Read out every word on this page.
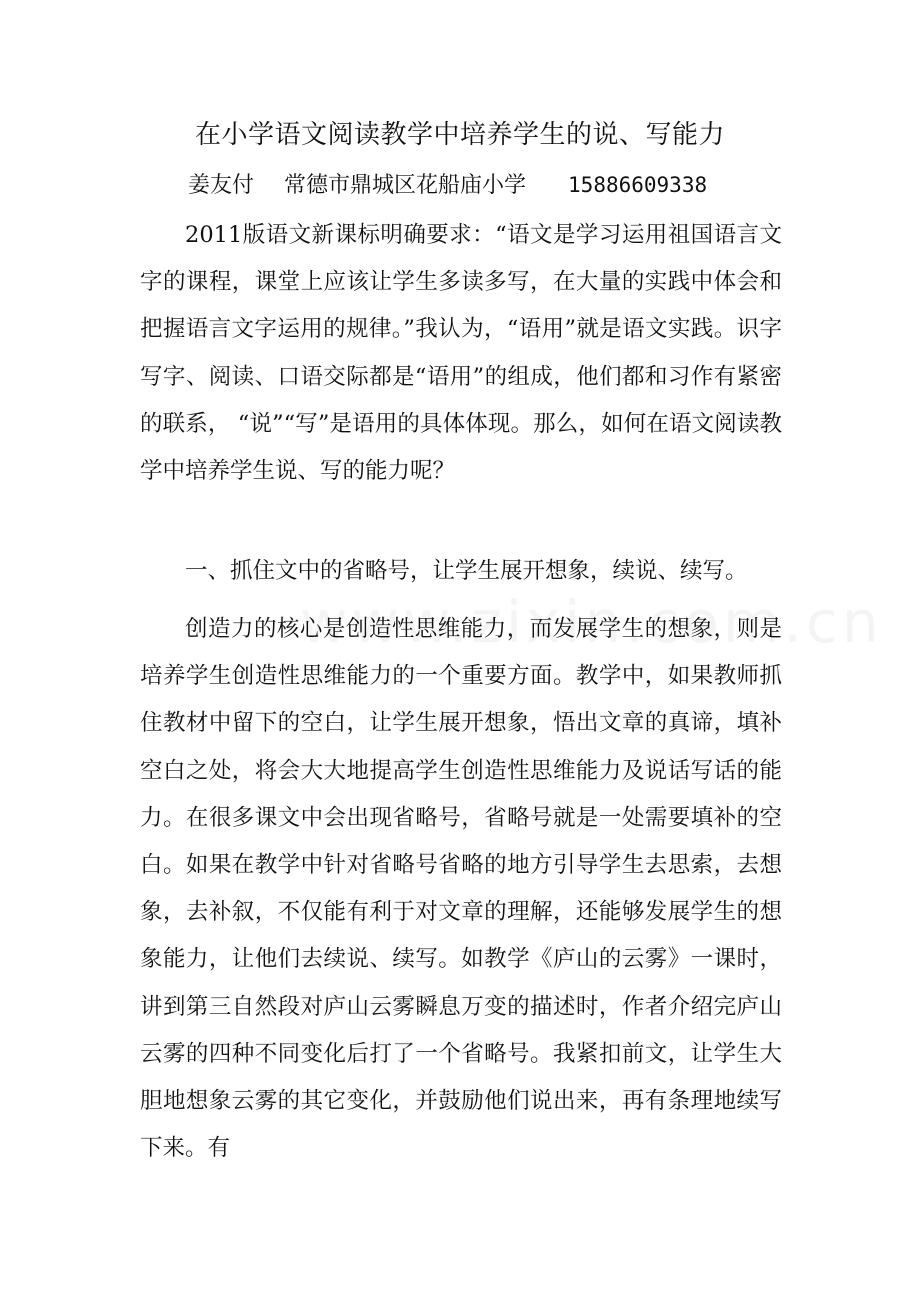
在小学语文阅读教学中培养学生的说、写能力
姜友付 常德市鼎城区花船庙小学 15886609338

2011版语文新课标明确要求：“语文是学习运用祖国语言文字的课程，课堂上应该让学生多读多写，在大量的实践中体会和把握语言文字运用的规律。”我认为，“语用”就是语文实践。识字写字、阅读、口语交际都是“语用”的组成，他们都和习作有紧密的联系， “说”“写”是语用的具体体现。那么，如何在语文阅读教学中培养学生说、写的能力呢？

一、抓住文中的省略号，让学生展开想象，续说、续写。

创造力的核心是创造性思维能力，而发展学生的想象，则是培养学生创造性思维能力的一个重要方面。教学中，如果教师抓住教材中留下的空白，让学生展开想象，悟出文章的真谛，填补空白之处，将会大大地提高学生创造性思维能力及说话写话的能力。在很多课文中会出现省略号，省略号就是一处需要填补的空白。如果在教学中针对省略号省略的地方引导学生去思索，去想象，去补叙，不仅能有利于对文章的理解，还能够发展学生的想象能力，让他们去续说、续写。如教学《庐山的云雾》一课时，讲到第三自然段对庐山云雾瞬息万变的描述时，作者介绍完庐山云雾的四种不同变化后打了一个省略号。我紧扣前文，让学生大胆地想象云雾的其它变化，并鼓励他们说出来，再有条理地续写下来。有
